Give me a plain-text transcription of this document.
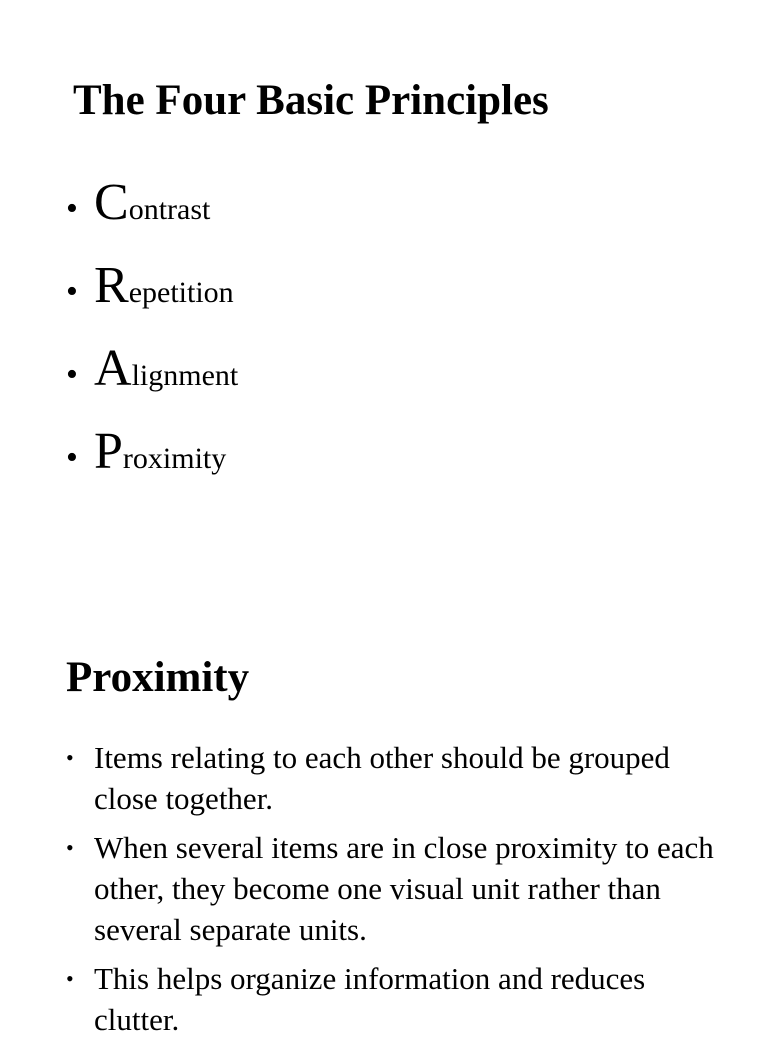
The Four Basic Principles
• C ontrast
• R epetition
• A lignment
• P roximity
Proximity
• Items relating to each other should be grouped close together.
• When several items are in close proximity to each other, they become one visual unit rather than several separate units.
• This helps organize information and reduces clutter.
